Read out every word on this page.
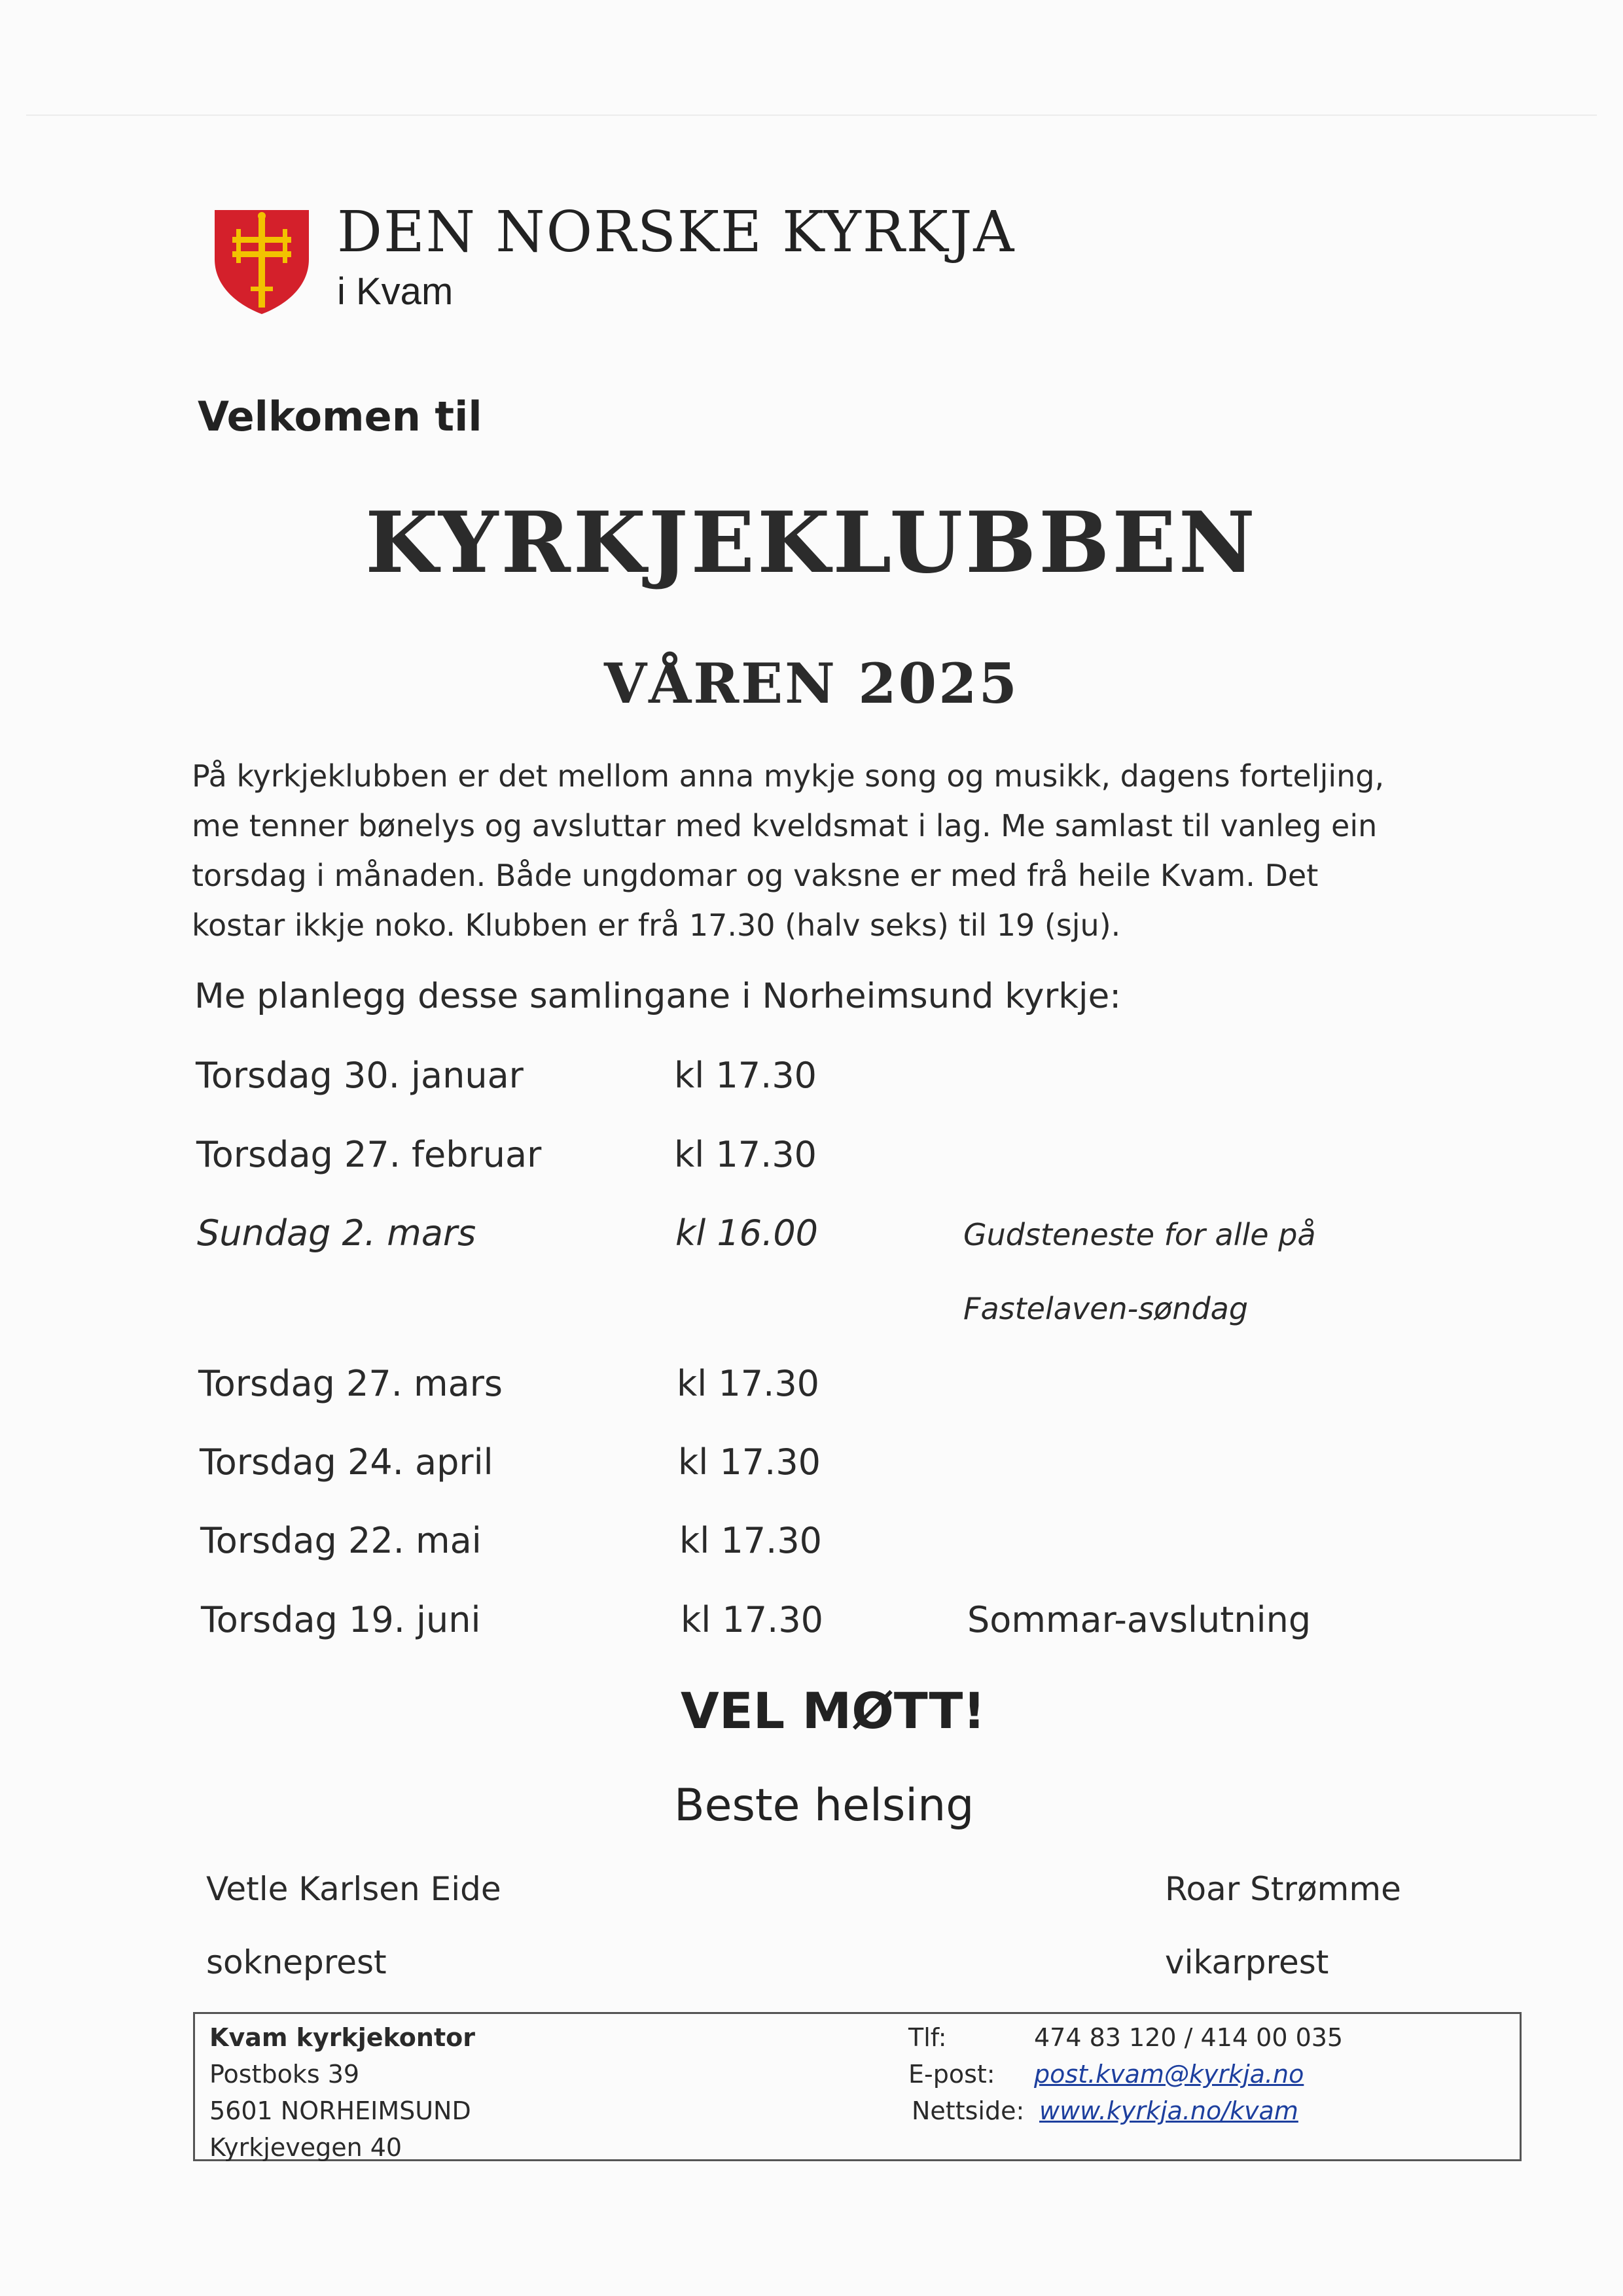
DEN NORSKE KYRKJA
i Kvam
Velkomen til
KYRKJEKLUBBEN
VÅREN 2025
På kyrkjeklubben er det mellom anna mykje song og musikk, dagens forteljing,
me tenner bønelys og avsluttar med kveldsmat i lag. Me samlast til vanleg ein
torsdag i månaden. Både ungdomar og vaksne er med frå heile Kvam. Det
kostar ikkje noko. Klubben er frå 17.30 (halv seks) til 19 (sju).
Me planlegg desse samlingane i Norheimsund kyrkje:
Torsdag 30. januar	kl 17.30
Torsdag 27. februar	kl 17.30
Sundag 2. mars	kl 16.00	Gudsteneste for alle på
Fastelaven-søndag
Torsdag 27. mars	kl 17.30
Torsdag 24. april	kl 17.30
Torsdag 22. mai	kl 17.30
Torsdag 19. juni	kl 17.30	Sommar-avslutning
VEL MØTT!
Beste helsing
Vetle Karlsen Eide
sokneprest
Roar Strømme
vikarprest
Kvam kyrkjekontor
Postboks 39
5601 NORHEIMSUND
Kyrkjevegen 40
Tlf:	474 83 120 / 414 00 035
E-post: post.kvam@kyrkja.no
Nettside: www.kyrkja.no/kvam
